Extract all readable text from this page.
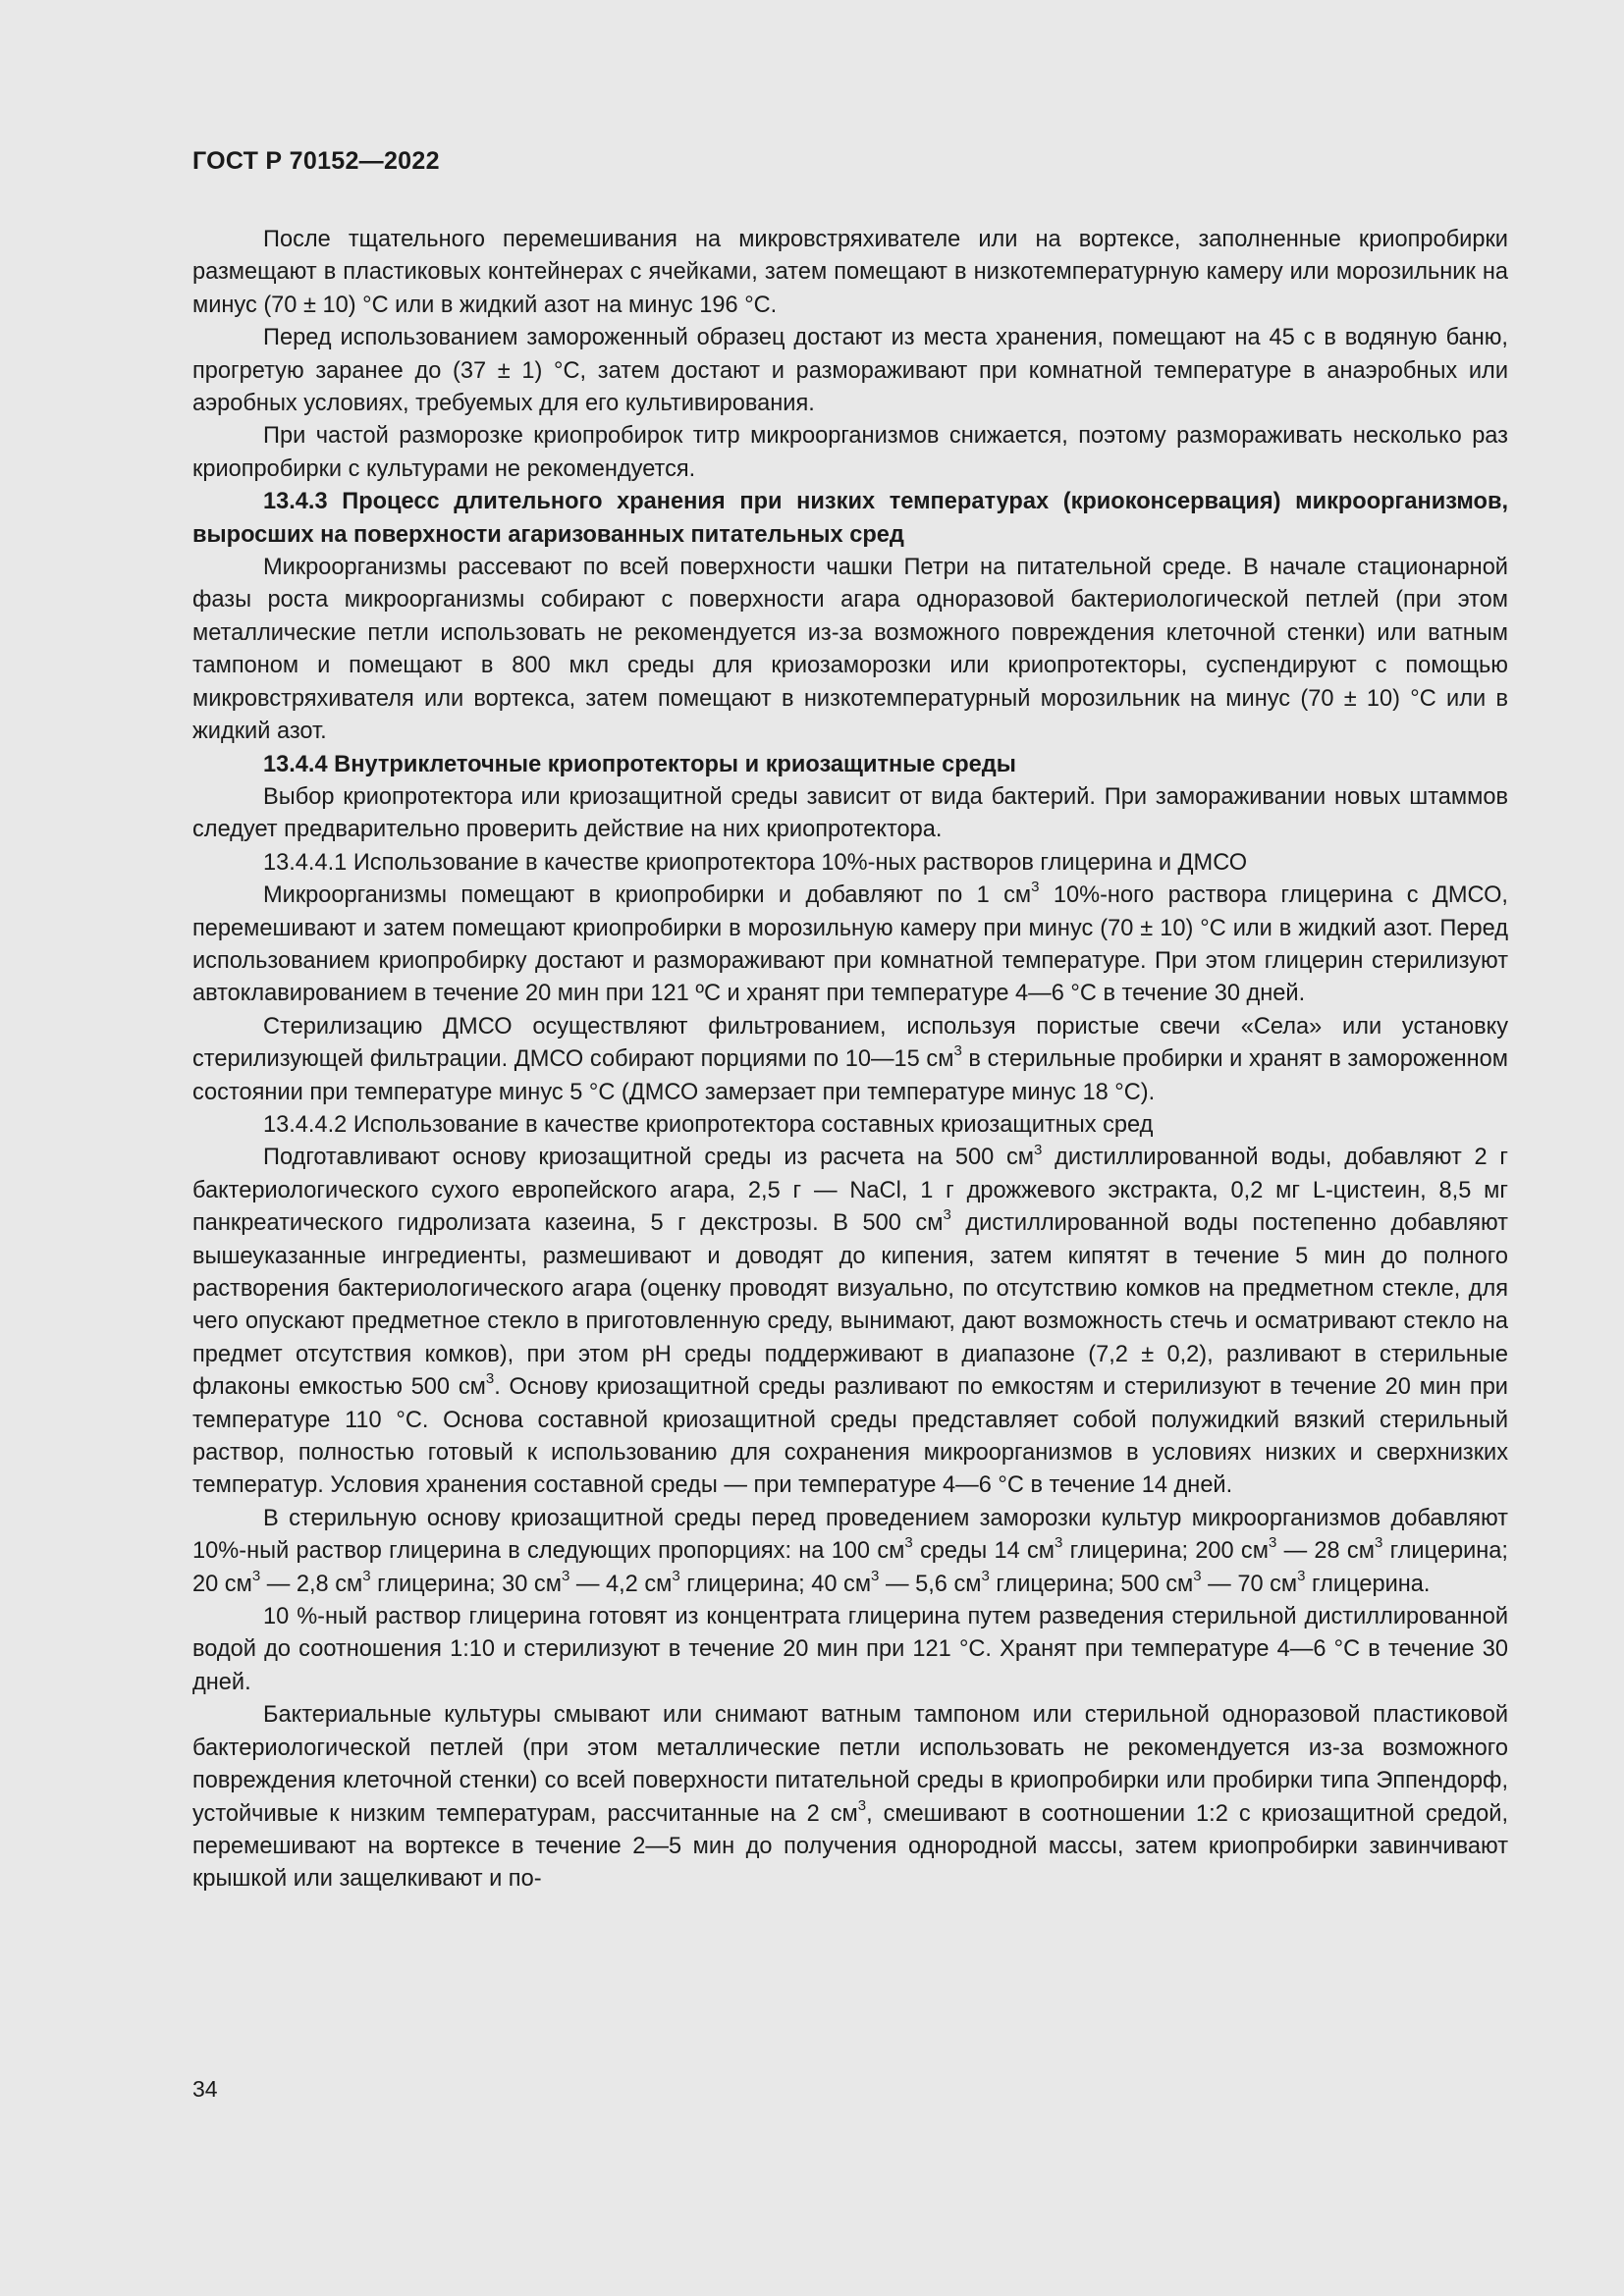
ГОСТ Р 70152—2022

После тщательного перемешивания на микровстряхивателе или на вортексе, заполненные криопробирки размещают в пластиковых контейнерах с ячейками, затем помещают в низкотемпературную камеру или морозильник на минус (70 ± 10) °С или в жидкий азот на минус 196 °С.

Перед использованием замороженный образец достают из места хранения, помещают на 45 с в водяную баню, прогретую заранее до (37 ± 1) °С, затем достают и размораживают при комнатной температуре в анаэробных или аэробных условиях, требуемых для его культивирования.

При частой разморозке криопробирок титр микроорганизмов снижается, поэтому размораживать несколько раз криопробирки с культурами не рекомендуется.

13.4.3 Процесс длительного хранения при низких температурах (криоконсервация) микроорганизмов, выросших на поверхности агаризованных питательных сред

Микроорганизмы рассевают по всей поверхности чашки Петри на питательной среде. В начале стационарной фазы роста микроорганизмы собирают с поверхности агара одноразовой бактериологической петлей (при этом металлические петли использовать не рекомендуется из-за возможного повреждения клеточной стенки) или ватным тампоном и помещают в 800 мкл среды для криозаморозки или криопротекторы, суспендируют с помощью микровстряхивателя или вортекса, затем помещают в низкотемпературный морозильник на минус (70 ± 10) °С или в жидкий азот.

13.4.4 Внутриклеточные криопротекторы и криозащитные среды

Выбор криопротектора или криозащитной среды зависит от вида бактерий. При замораживании новых штаммов следует предварительно проверить действие на них криопротектора.

13.4.4.1 Использование в качестве криопротектора 10%-ных растворов глицерина и ДМСО

Микроорганизмы помещают в криопробирки и добавляют по 1 $см^3$ 10%-ного раствора глицерина с ДМСО, перемешивают и затем помещают криопробирки в морозильную камеру при минус (70 ± 10) °С или в жидкий азот. Перед использованием криопробирку достают и размораживают при комнатной температуре. При этом глицерин стерилизуют автоклавированием в течение 20 мин при 121 ºС и хранят при температуре 4—6 °С в течение 30 дней.

Стерилизацию ДМСО осуществляют фильтрованием, используя пористые свечи «Села» или установку стерилизующей фильтрации. ДМСО собирают порциями по 10—15 $см^3$ в стерильные пробирки и хранят в замороженном состоянии при температуре минус 5 °С (ДМСО замерзает при температуре минус 18 °С).

13.4.4.2 Использование в качестве криопротектора составных криозащитных сред

Подготавливают основу криозащитной среды из расчета на 500 $см^3$ дистиллированной воды, добавляют 2 г бактериологического сухого европейского агара, 2,5 г — NaCl, 1 г дрожжевого экстракта, 0,2 мг L-цистеин, 8,5 мг панкреатического гидролизата казеина, 5 г декстрозы. В 500 $см^3$ дистиллированной воды постепенно добавляют вышеуказанные ингредиенты, размешивают и доводят до кипения, затем кипятят в течение 5 мин до полного растворения бактериологического агара (оценку проводят визуально, по отсутствию комков на предметном стекле, для чего опускают предметное стекло в приготовленную среду, вынимают, дают возможность стечь и осматривают стекло на предмет отсутствия комков), при этом рН среды поддерживают в диапазоне (7,2 ± 0,2), разливают в стерильные флаконы емкостью 500 $см^3$. Основу криозащитной среды разливают по емкостям и стерилизуют в течение 20 мин при температуре 110 °С. Основа составной криозащитной среды представляет собой полужидкий вязкий стерильный раствор, полностью готовый к использованию для сохранения микроорганизмов в условиях низких и сверхнизких температур. Условия хранения составной среды — при температуре 4—6 °С в течение 14 дней.

В стерильную основу криозащитной среды перед проведением заморозки культур микроорганизмов добавляют 10%-ный раствор глицерина в следующих пропорциях: на 100 $см^3$ среды 14 $см^3$ глицерина; 200 $см^3$ — 28 $см^3$ глицерина; 20 $см^3$ — 2,8 $см^3$ глицерина; 30 $см^3$ — 4,2 $см^3$ глицерина; 40 $см^3$ — 5,6 $см^3$ глицерина; 500 $см^3$ — 70 $см^3$ глицерина.

10 %-ный раствор глицерина готовят из концентрата глицерина путем разведения стерильной дистиллированной водой до соотношения 1:10 и стерилизуют в течение 20 мин при 121 °С. Хранят при температуре 4—6 °С в течение 30 дней.

Бактериальные культуры смывают или снимают ватным тампоном или стерильной одноразовой пластиковой бактериологической петлей (при этом металлические петли использовать не рекомендуется из-за возможного повреждения клеточной стенки) со всей поверхности питательной среды в криопробирки или пробирки типа Эппендорф, устойчивые к низким температурам, рассчитанные на 2 $см^3$, смешивают в соотношении 1:2 с криозащитной средой, перемешивают на вортексе в течение 2—5 мин до получения однородной массы, затем криопробирки завинчивают крышкой или защелкивают и по-

34
